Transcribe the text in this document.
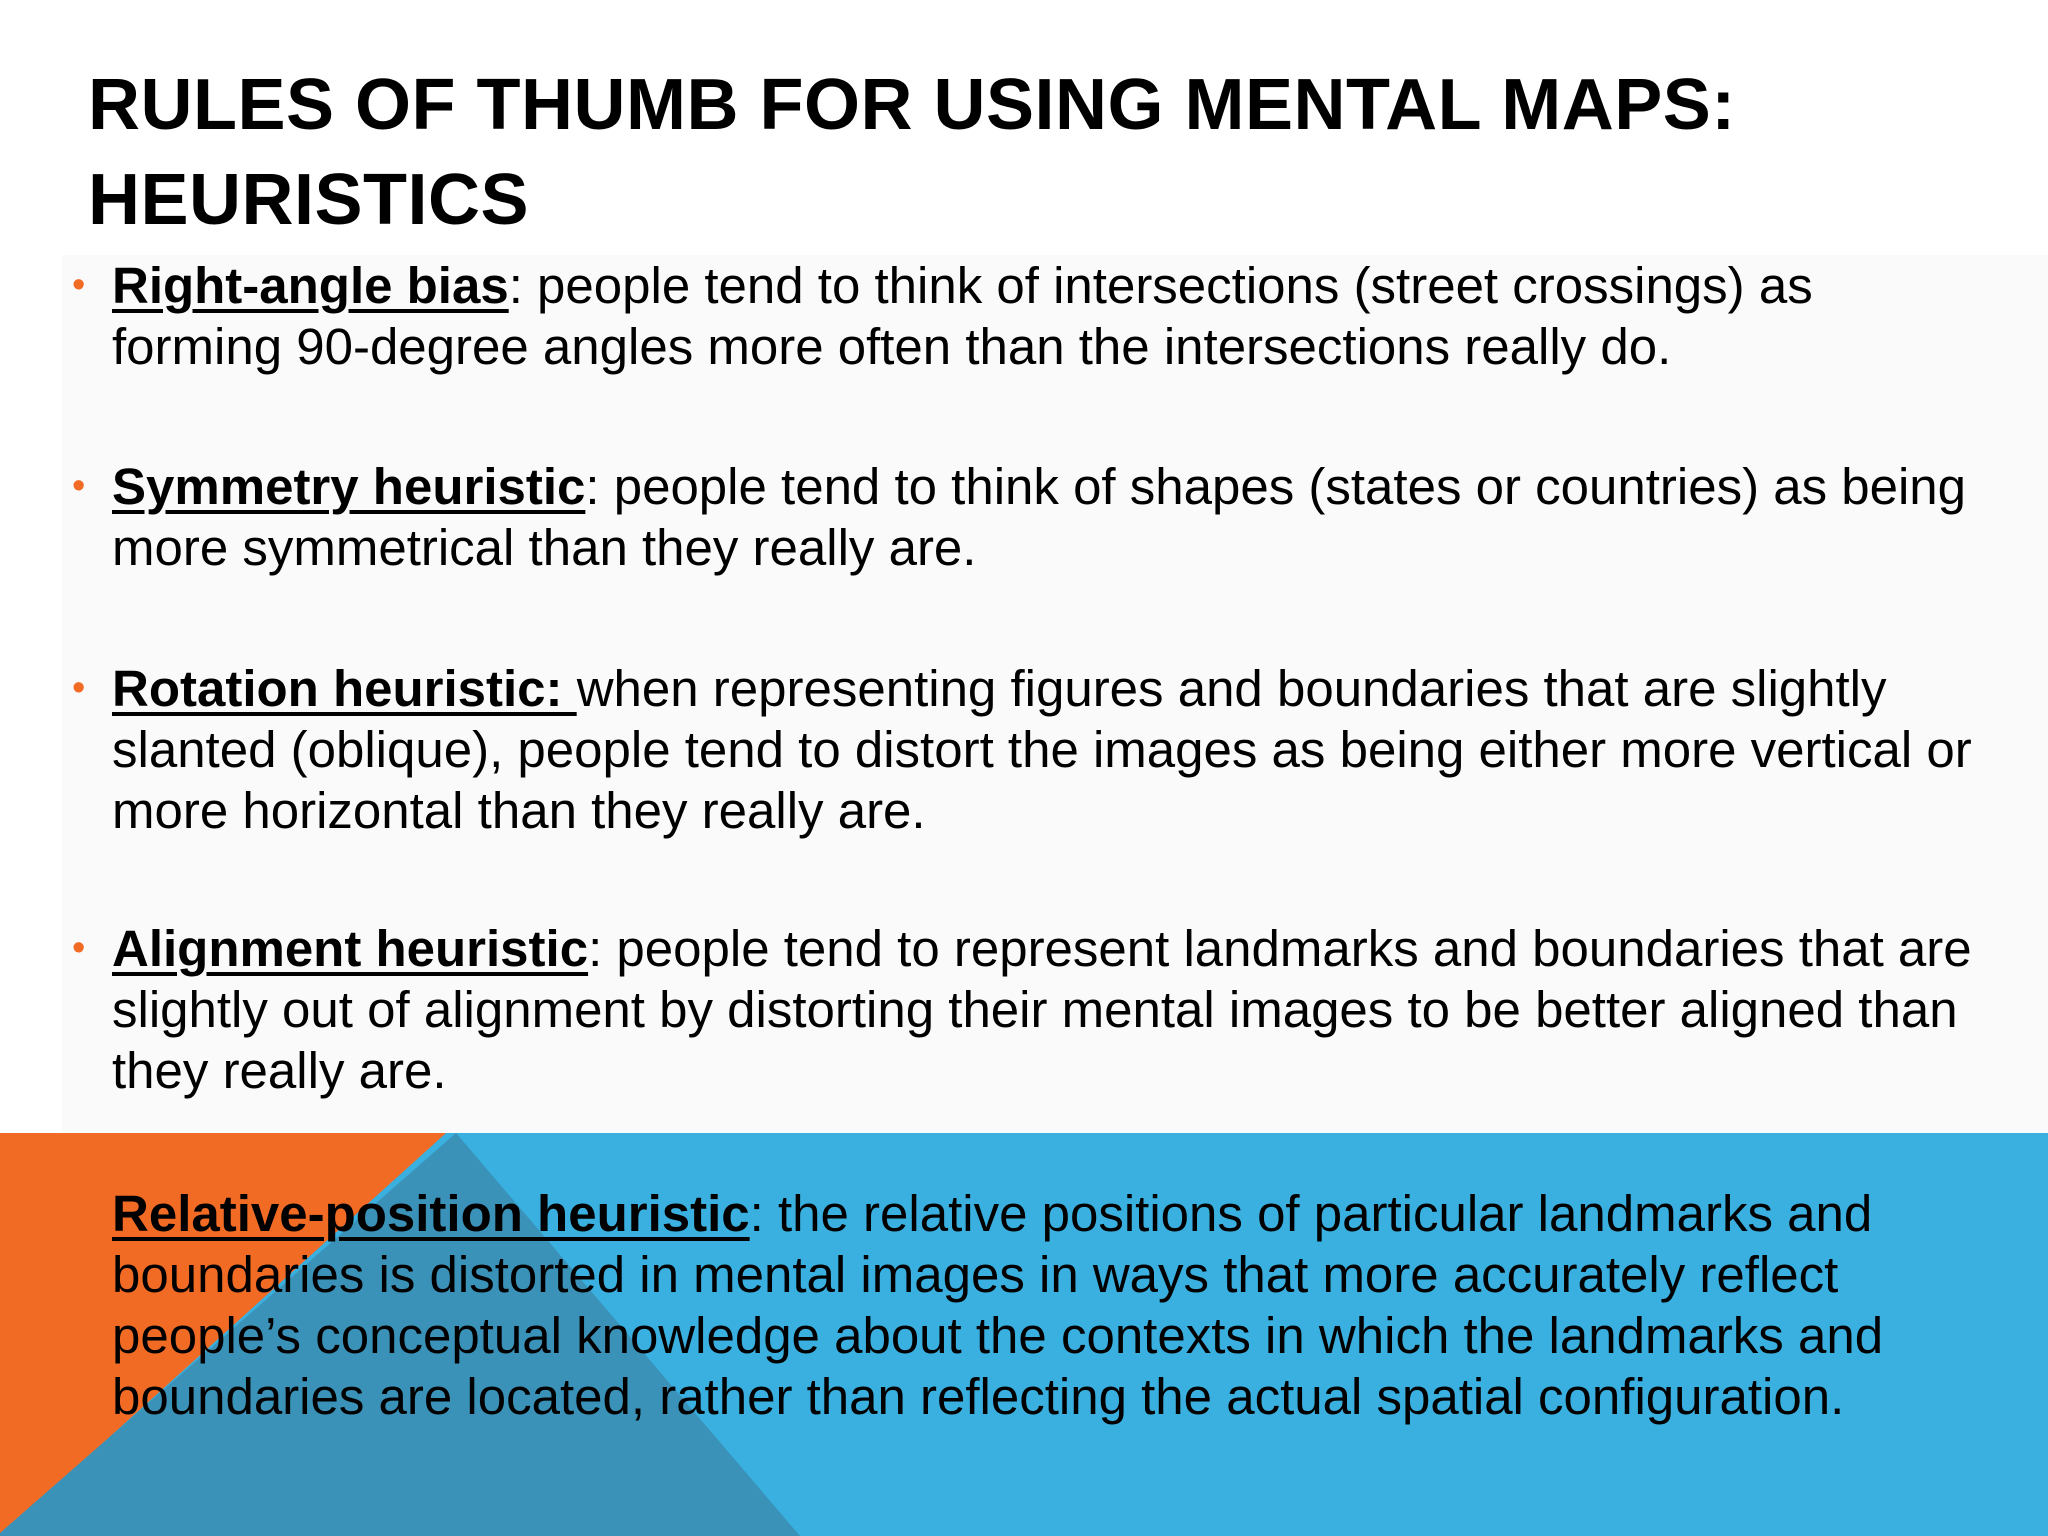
RULES OF THUMB FOR USING MENTAL MAPS:
HEURISTICS
• Right-angle bias: people tend to think of intersections (street crossings) as forming 90-degree angles more often than the intersections really do.
• Symmetry heuristic: people tend to think of shapes (states or countries) as being more symmetrical than they really are.
• Rotation heuristic: when representing figures and boundaries that are slightly slanted (oblique), people tend to distort the images as being either more vertical or more horizontal than they really are.
• Alignment heuristic: people tend to represent landmarks and boundaries that are slightly out of alignment by distorting their mental images to be better aligned than they really are.
Relative-position heuristic: the relative positions of particular landmarks and boundaries is distorted in mental images in ways that more accurately reflect people’s conceptual knowledge about the contexts in which the landmarks and boundaries are located, rather than reflecting the actual spatial configuration.
